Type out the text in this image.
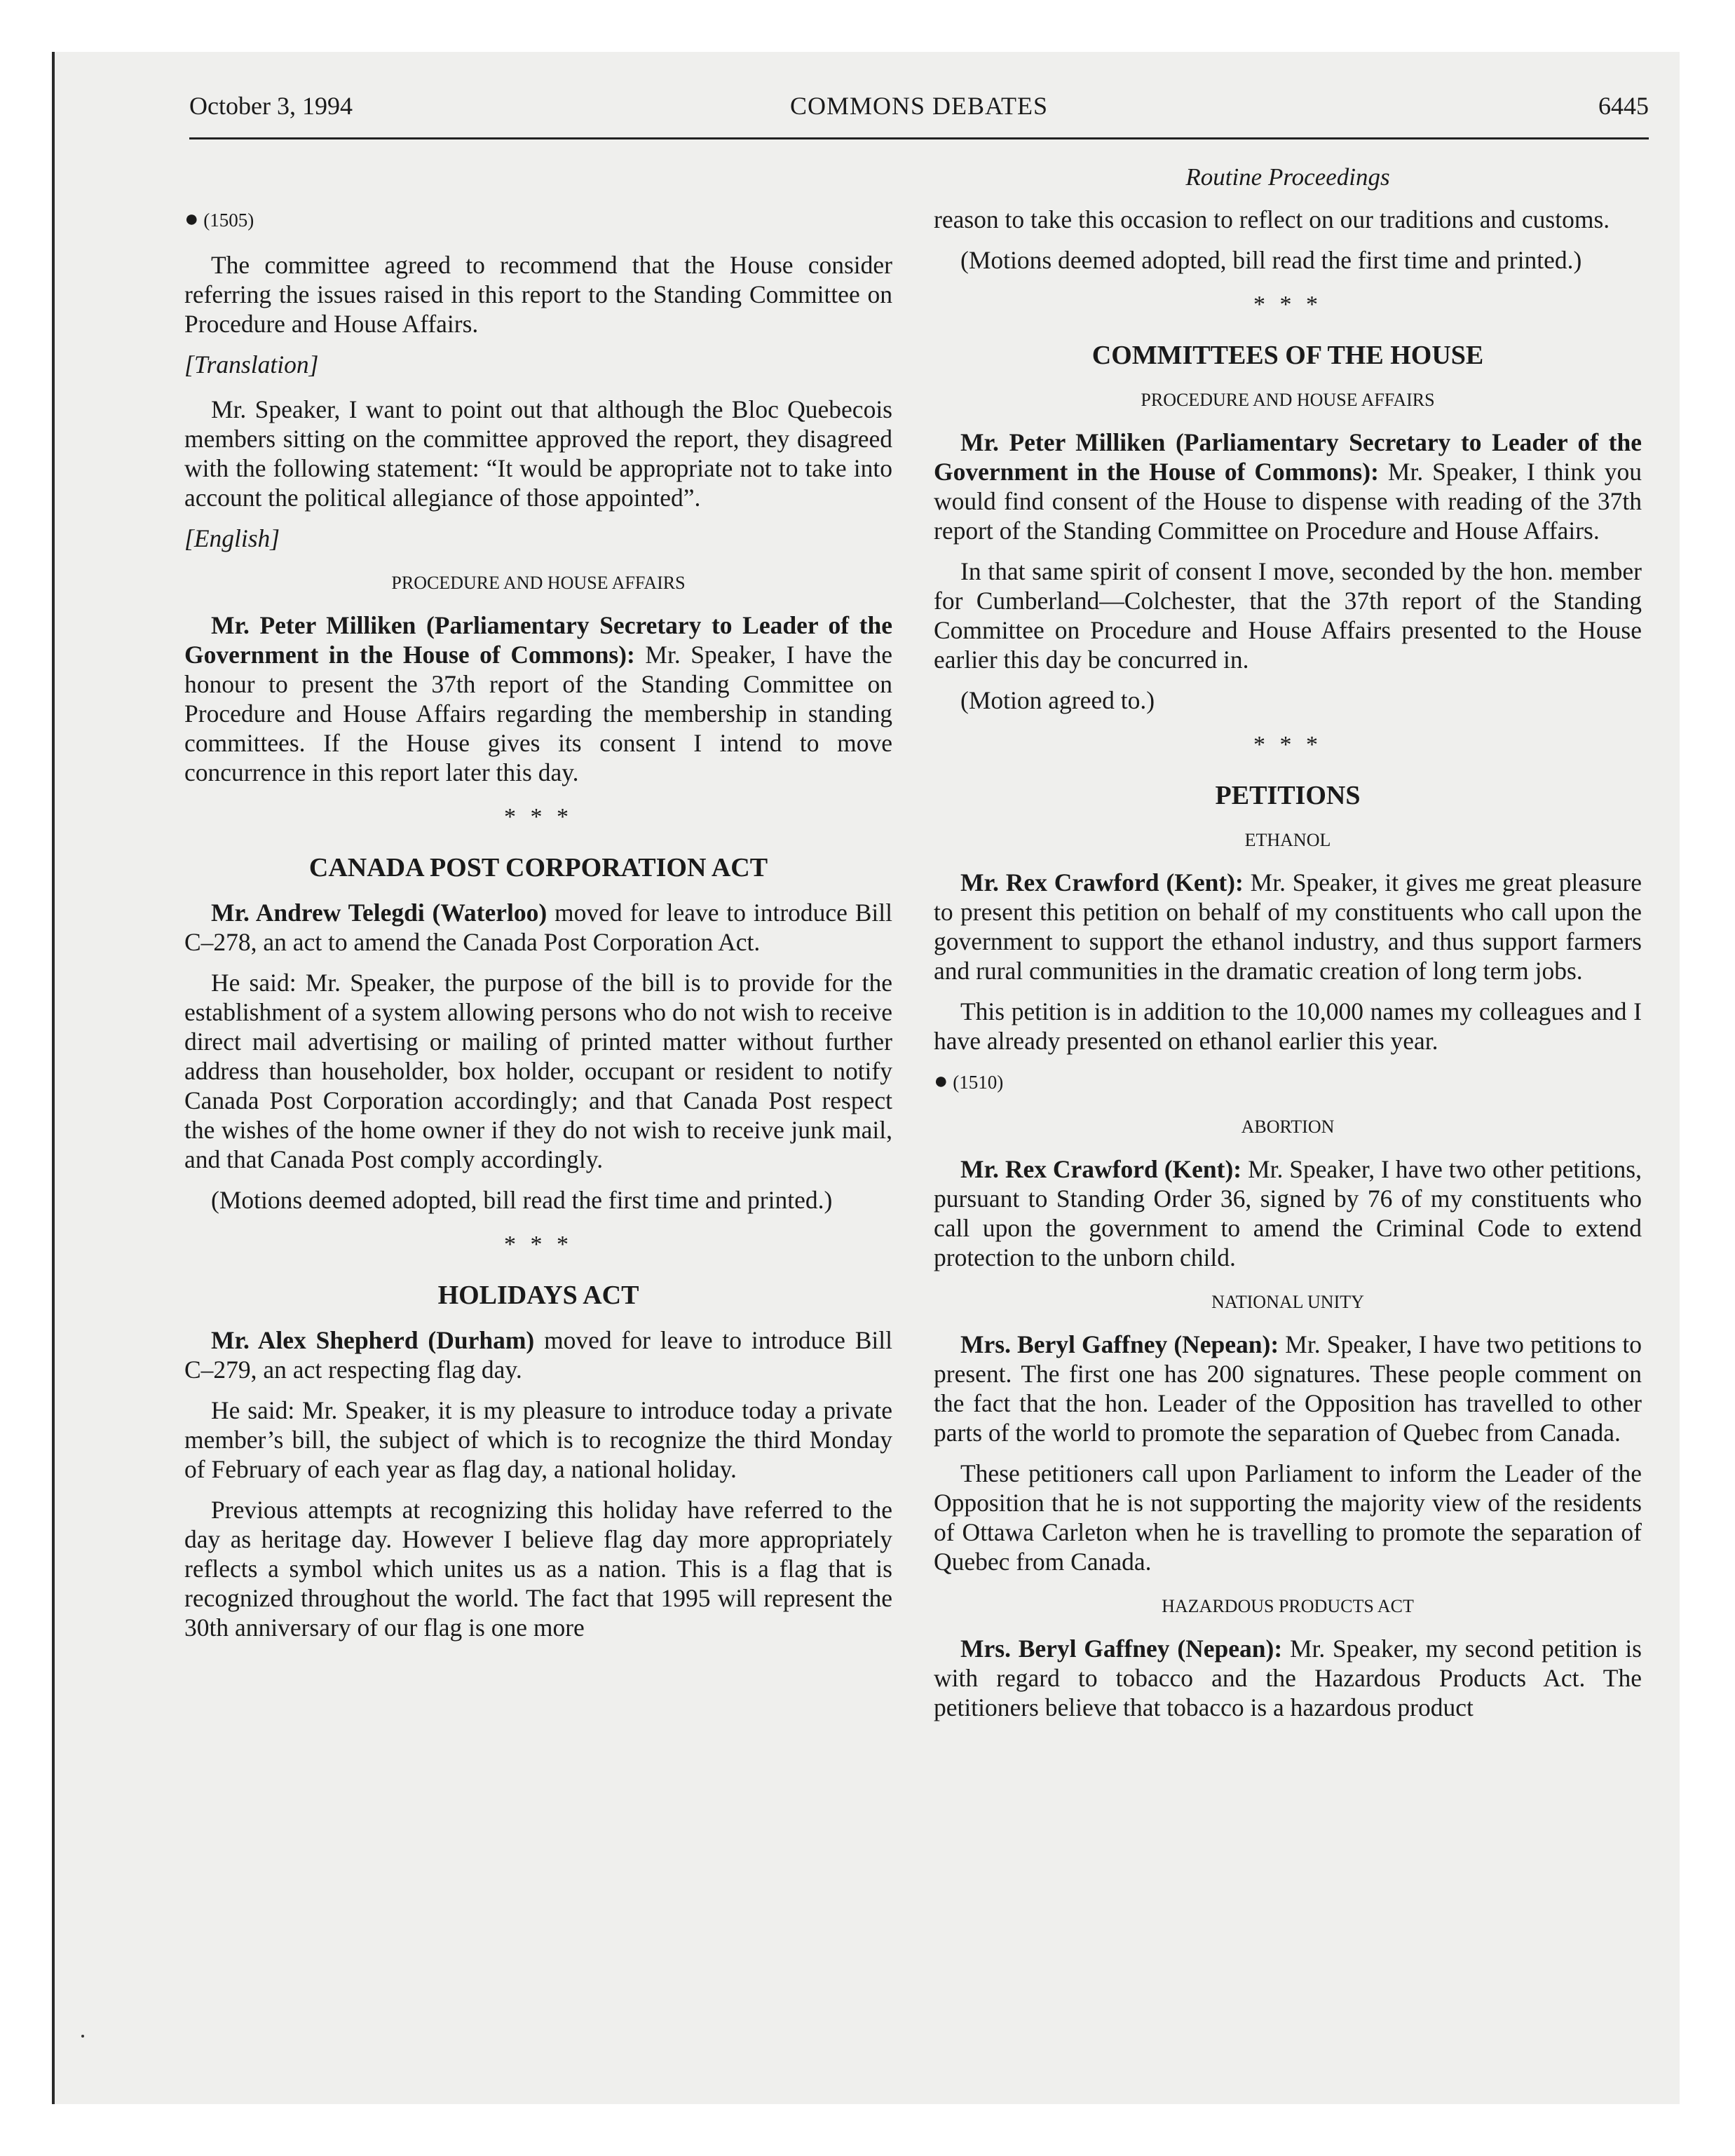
October 3, 1994	COMMONS DEBATES	6445
● (1505)

The committee agreed to recommend that the House consider referring the issues raised in this report to the Standing Committee on Procedure and House Affairs.

[Translation]

Mr. Speaker, I want to point out that although the Bloc Quebecois members sitting on the committee approved the report, they disagreed with the following statement: “It would be appropriate not to take into account the political allegiance of those appointed”.

[English]
PROCEDURE AND HOUSE AFFAIRS

Mr. Peter Milliken (Parliamentary Secretary to Leader of the Government in the House of Commons): Mr. Speaker, I have the honour to present the 37th report of the Standing Committee on Procedure and House Affairs regarding the membership in standing committees. If the House gives its consent I intend to move concurrence in this report later this day.

* * *
CANADA POST CORPORATION ACT

Mr. Andrew Telegdi (Waterloo) moved for leave to introduce Bill C–278, an act to amend the Canada Post Corporation Act.

He said: Mr. Speaker, the purpose of the bill is to provide for the establishment of a system allowing persons who do not wish to receive direct mail advertising or mailing of printed matter without further address than householder, box holder, occupant or resident to notify Canada Post Corporation accordingly; and that Canada Post respect the wishes of the home owner if they do not wish to receive junk mail, and that Canada Post comply accordingly.

(Motions deemed adopted, bill read the first time and printed.)

* * *
HOLIDAYS ACT

Mr. Alex Shepherd (Durham) moved for leave to introduce Bill C–279, an act respecting flag day.

He said: Mr. Speaker, it is my pleasure to introduce today a private member’s bill, the subject of which is to recognize the third Monday of February of each year as flag day, a national holiday.

Previous attempts at recognizing this holiday have referred to the day as heritage day. However I believe flag day more appropriately reflects a symbol which unites us as a nation. This is a flag that is recognized throughout the world. The fact that 1995 will represent the 30th anniversary of our flag is one more

Routine Proceedings

reason to take this occasion to reflect on our traditions and customs.

(Motions deemed adopted, bill read the first time and printed.)

* * *
COMMITTEES OF THE HOUSE
PROCEDURE AND HOUSE AFFAIRS

Mr. Peter Milliken (Parliamentary Secretary to Leader of the Government in the House of Commons): Mr. Speaker, I think you would find consent of the House to dispense with reading of the 37th report of the Standing Committee on Procedure and House Affairs.

In that same spirit of consent I move, seconded by the hon. member for Cumberland—Colchester, that the 37th report of the Standing Committee on Procedure and House Affairs presented to the House earlier this day be concurred in.

(Motion agreed to.)

* * *
PETITIONS
ETHANOL

Mr. Rex Crawford (Kent): Mr. Speaker, it gives me great pleasure to present this petition on behalf of my constituents who call upon the government to support the ethanol industry, and thus support farmers and rural communities in the dramatic creation of long term jobs.

This petition is in addition to the 10,000 names my colleagues and I have already presented on ethanol earlier this year.

● (1510)
ABORTION

Mr. Rex Crawford (Kent): Mr. Speaker, I have two other petitions, pursuant to Standing Order 36, signed by 76 of my constituents who call upon the government to amend the Criminal Code to extend protection to the unborn child.

NATIONAL UNITY

Mrs. Beryl Gaffney (Nepean): Mr. Speaker, I have two petitions to present. The first one has 200 signatures. These people comment on the fact that the hon. Leader of the Opposition has travelled to other parts of the world to promote the separation of Quebec from Canada.

These petitioners call upon Parliament to inform the Leader of the Opposition that he is not supporting the majority view of the residents of Ottawa Carleton when he is travelling to promote the separation of Quebec from Canada.

HAZARDOUS PRODUCTS ACT

Mrs. Beryl Gaffney (Nepean): Mr. Speaker, my second petition is with regard to tobacco and the Hazardous Products Act. The petitioners believe that tobacco is a hazardous product
